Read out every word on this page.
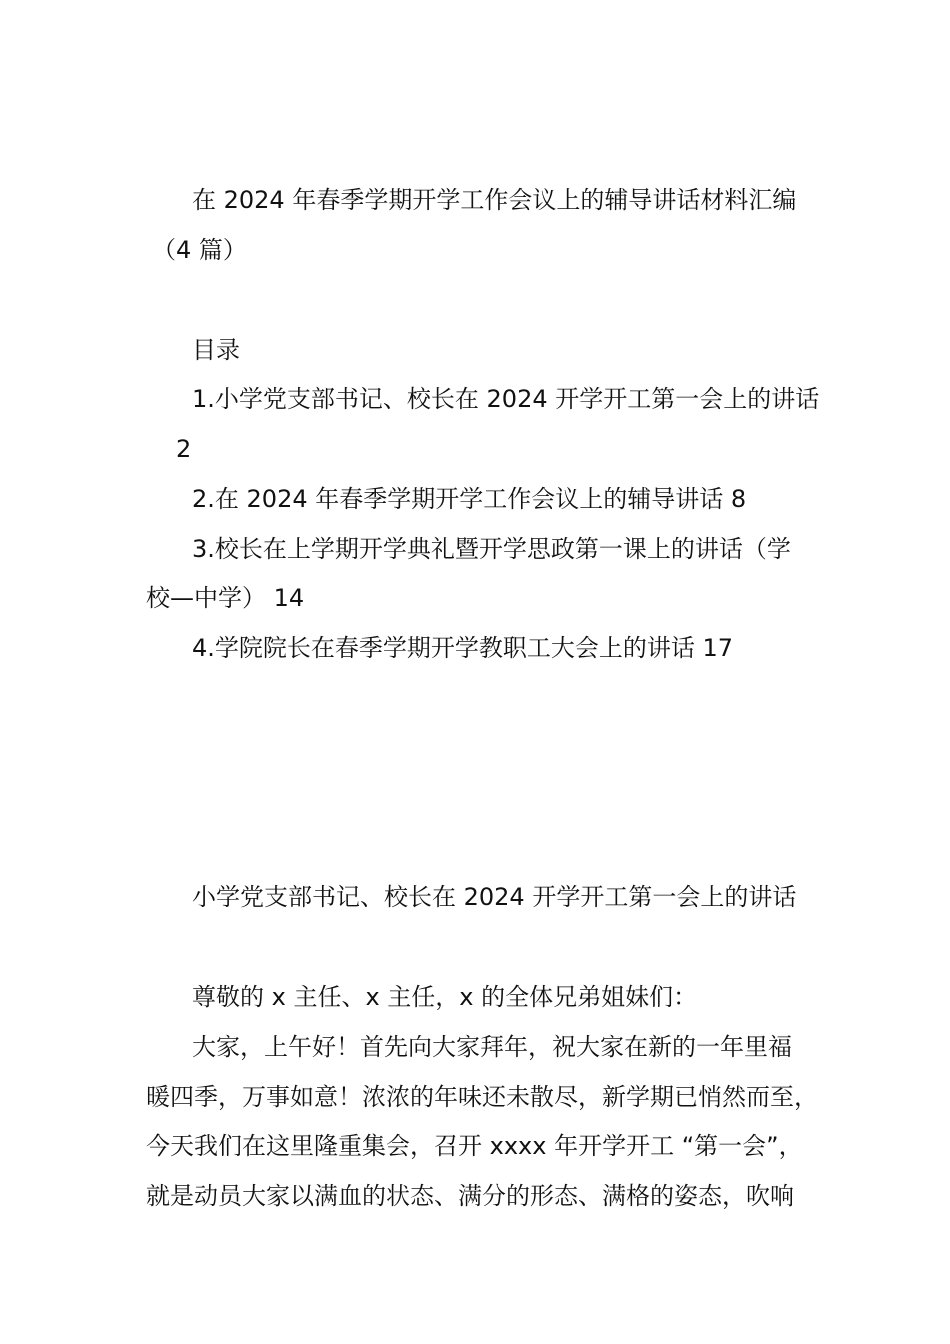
在 2024 年春季学期开学工作会议上的辅导讲话材料汇编
（4 篇）
目录
1.小学党支部书记、校长在 2024 开学开工第一会上的讲话
2
2.在 2024 年春季学期开学工作会议上的辅导讲话 8
3.校长在上学期开学典礼暨开学思政第一课上的讲话（学
校—中学） 14
4.学院院长在春季学期开学教职工大会上的讲话 17
小学党支部书记、校长在 2024 开学开工第一会上的讲话
尊敬的 x 主任、x 主任，x 的全体兄弟姐妹们：
大家，上午好！首先向大家拜年，祝大家在新的一年里福
暖四季，万事如意！浓浓的年味还未散尽，新学期已悄然而至，
今天我们在这里隆重集会，召开 xxxx 年开学开工 “第一会”，
就是动员大家以满血的状态、满分的形态、满格的姿态，吹响
